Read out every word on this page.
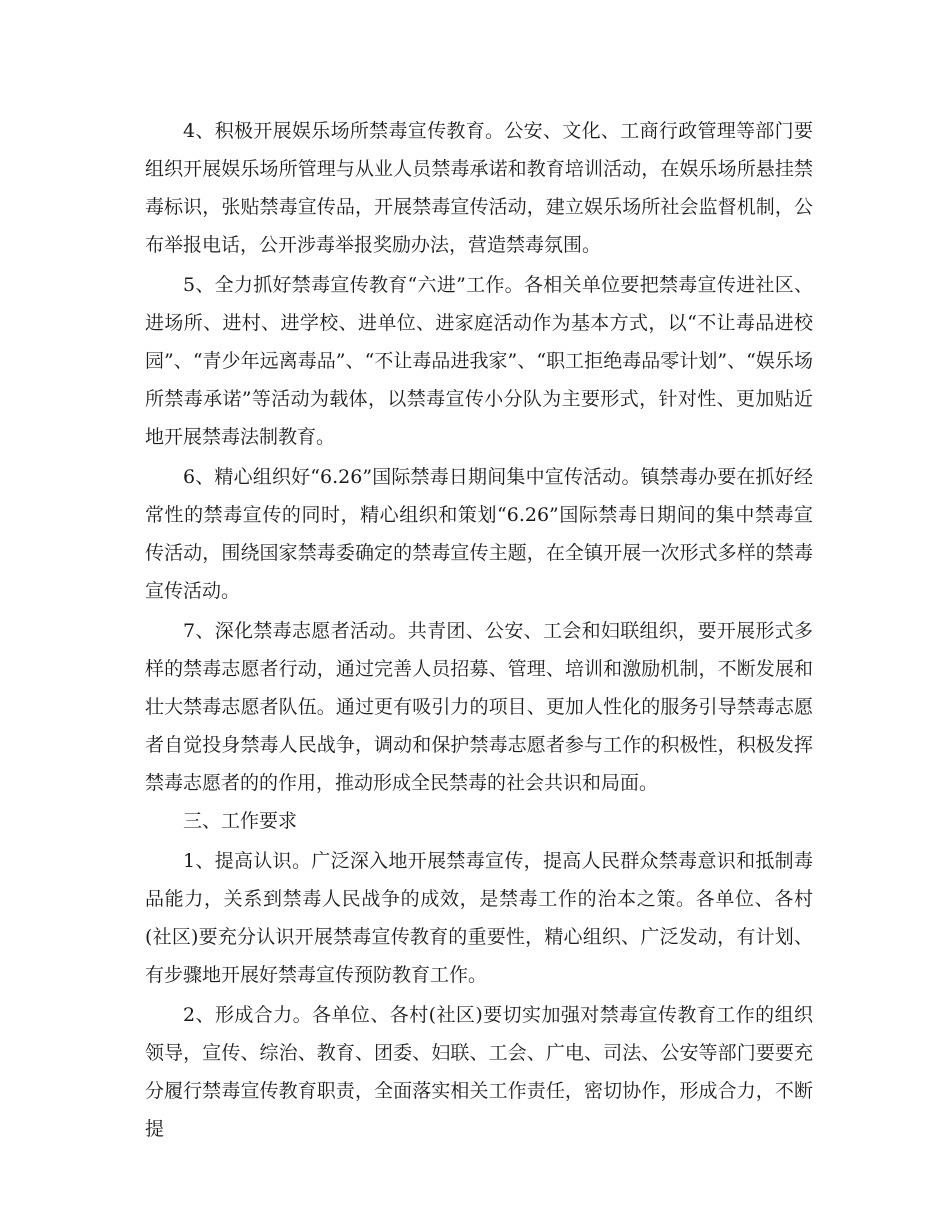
4、积极开展娱乐场所禁毒宣传教育。公安、文化、工商行政管理等部门要组织开展娱乐场所管理与从业人员禁毒承诺和教育培训活动，在娱乐场所悬挂禁毒标识，张贴禁毒宣传品，开展禁毒宣传活动，建立娱乐场所社会监督机制，公布举报电话，公开涉毒举报奖励办法，营造禁毒氛围。

5、全力抓好禁毒宣传教育“六进”工作。各相关单位要把禁毒宣传进社区、进场所、进村、进学校、进单位、进家庭活动作为基本方式，以“不让毒品进校园”、“青少年远离毒品”、“不让毒品进我家”、“职工拒绝毒品零计划”、“娱乐场所禁毒承诺”等活动为载体，以禁毒宣传小分队为主要形式，针对性、更加贴近地开展禁毒法制教育。

6、精心组织好“6.26”国际禁毒日期间集中宣传活动。镇禁毒办要在抓好经常性的禁毒宣传的同时，精心组织和策划“6.26”国际禁毒日期间的集中禁毒宣传活动，围绕国家禁毒委确定的禁毒宣传主题，在全镇开展一次形式多样的禁毒宣传活动。

7、深化禁毒志愿者活动。共青团、公安、工会和妇联组织，要开展形式多样的禁毒志愿者行动，通过完善人员招募、管理、培训和激励机制，不断发展和壮大禁毒志愿者队伍。通过更有吸引力的项目、更加人性化的服务引导禁毒志愿者自觉投身禁毒人民战争，调动和保护禁毒志愿者参与工作的积极性，积极发挥禁毒志愿者的的作用，推动形成全民禁毒的社会共识和局面。

三、工作要求

1、提高认识。广泛深入地开展禁毒宣传，提高人民群众禁毒意识和抵制毒品能力，关系到禁毒人民战争的成效，是禁毒工作的治本之策。各单位、各村(社区)要充分认识开展禁毒宣传教育的重要性，精心组织、广泛发动，有计划、有步骤地开展好禁毒宣传预防教育工作。

2、形成合力。各单位、各村(社区)要切实加强对禁毒宣传教育工作的组织领导，宣传、综治、教育、团委、妇联、工会、广电、司法、公安等部门要要充分履行禁毒宣传教育职责，全面落实相关工作责任，密切协作，形成合力，不断提
